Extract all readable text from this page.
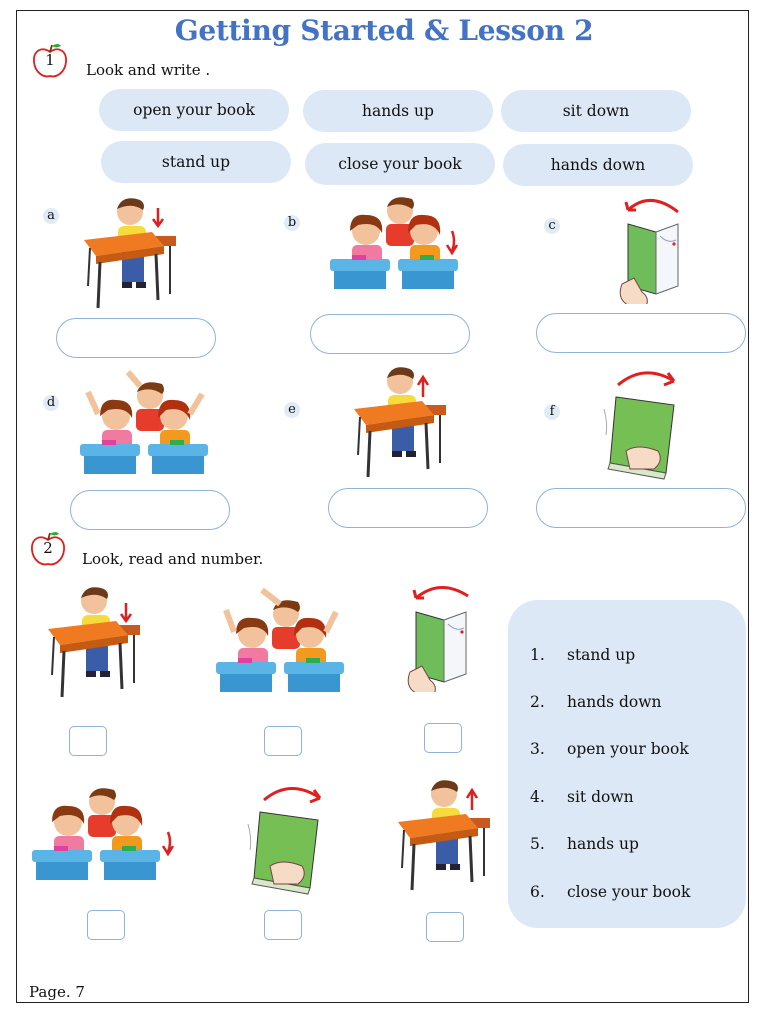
Getting Started & Lesson 2
1
Look and write .
open your book	hands up	sit down
stand up	close your book	hands down
a	b	c
d	e	f
2
Look, read and number.
1. stand up
2. hands down
3. open your book
4. sit down
5. hands up
6. close your book
Page. 7
